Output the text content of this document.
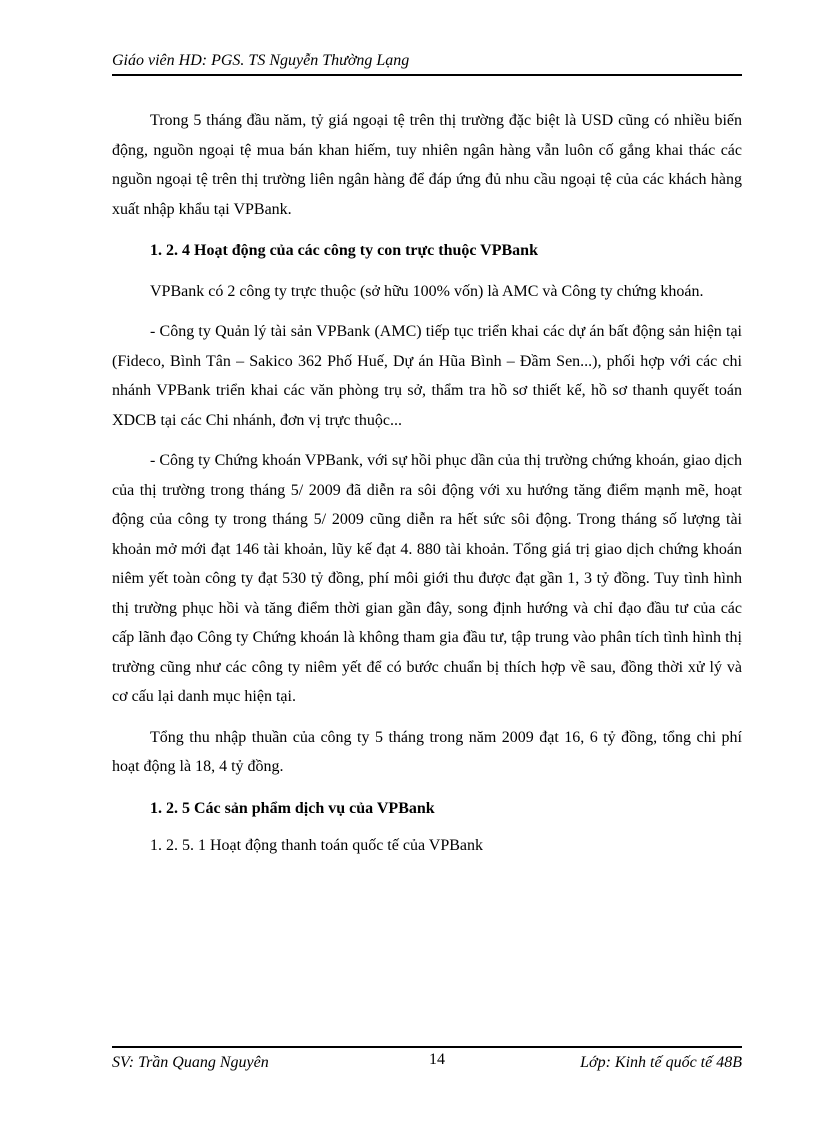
Giáo viên HD: PGS. TS Nguyễn Thường Lạng

Trong 5 tháng đầu năm, tỷ giá ngoại tệ trên thị trường đặc biệt là USD cũng có nhiều biến động, nguồn ngoại tệ mua bán khan hiếm, tuy nhiên ngân hàng vẫn luôn cố gắng khai thác các nguồn ngoại tệ trên thị trường liên ngân hàng để đáp ứng đủ nhu cầu ngoại tệ của các khách hàng xuất nhập khẩu tại VPBank.

1. 2. 4 Hoạt động của các công ty con trực thuộc VPBank

VPBank có 2 công ty trực thuộc (sở hữu 100% vốn) là AMC và Công ty chứng khoán.

- Công ty Quản lý tài sản VPBank (AMC) tiếp tục triển khai các dự án bất động sản hiện tại (Fideco, Bình Tân – Sakico 362 Phố Huế, Dự án Hũa Bình – Đầm Sen...), phối hợp với các chi nhánh VPBank triển khai các văn phòng trụ sở, thẩm tra hồ sơ thiết kế, hồ sơ thanh quyết toán XDCB tại các Chi nhánh, đơn vị trực thuộc...

- Công ty Chứng khoán VPBank, với sự hồi phục dần của thị trường chứng khoán, giao dịch của thị trường trong tháng 5/ 2009 đã diễn ra sôi động với xu hướng tăng điểm mạnh mẽ, hoạt động của công ty trong tháng 5/ 2009 cũng diễn ra hết sức sôi động. Trong tháng số lượng tài khoản mở mới đạt 146 tài khoản, lũy kế đạt 4. 880 tài khoản. Tổng giá trị giao dịch chứng khoán niêm yết toàn công ty đạt 530 tỷ đồng, phí môi giới thu được đạt gần 1, 3 tỷ đồng. Tuy tình hình thị trường phục hồi và tăng điểm thời gian gần đây, song định hướng và chỉ đạo đầu tư của các cấp lãnh đạo Công ty Chứng khoán là không tham gia đầu tư, tập trung vào phân tích tình hình thị trường cũng như các công ty niêm yết để có bước chuẩn bị thích hợp về sau, đồng thời xử lý và cơ cấu lại danh mục hiện tại.

Tổng thu nhập thuần của công ty 5 tháng trong năm 2009 đạt 16, 6 tỷ đồng, tổng chi phí hoạt động là 18, 4 tỷ đồng.

1. 2. 5 Các sản phẩm dịch vụ của VPBank

1. 2. 5. 1 Hoạt động thanh toán quốc tế của VPBank

SV: Trần Quang Nguyên	14	Lớp: Kinh tế quốc tế 48B
